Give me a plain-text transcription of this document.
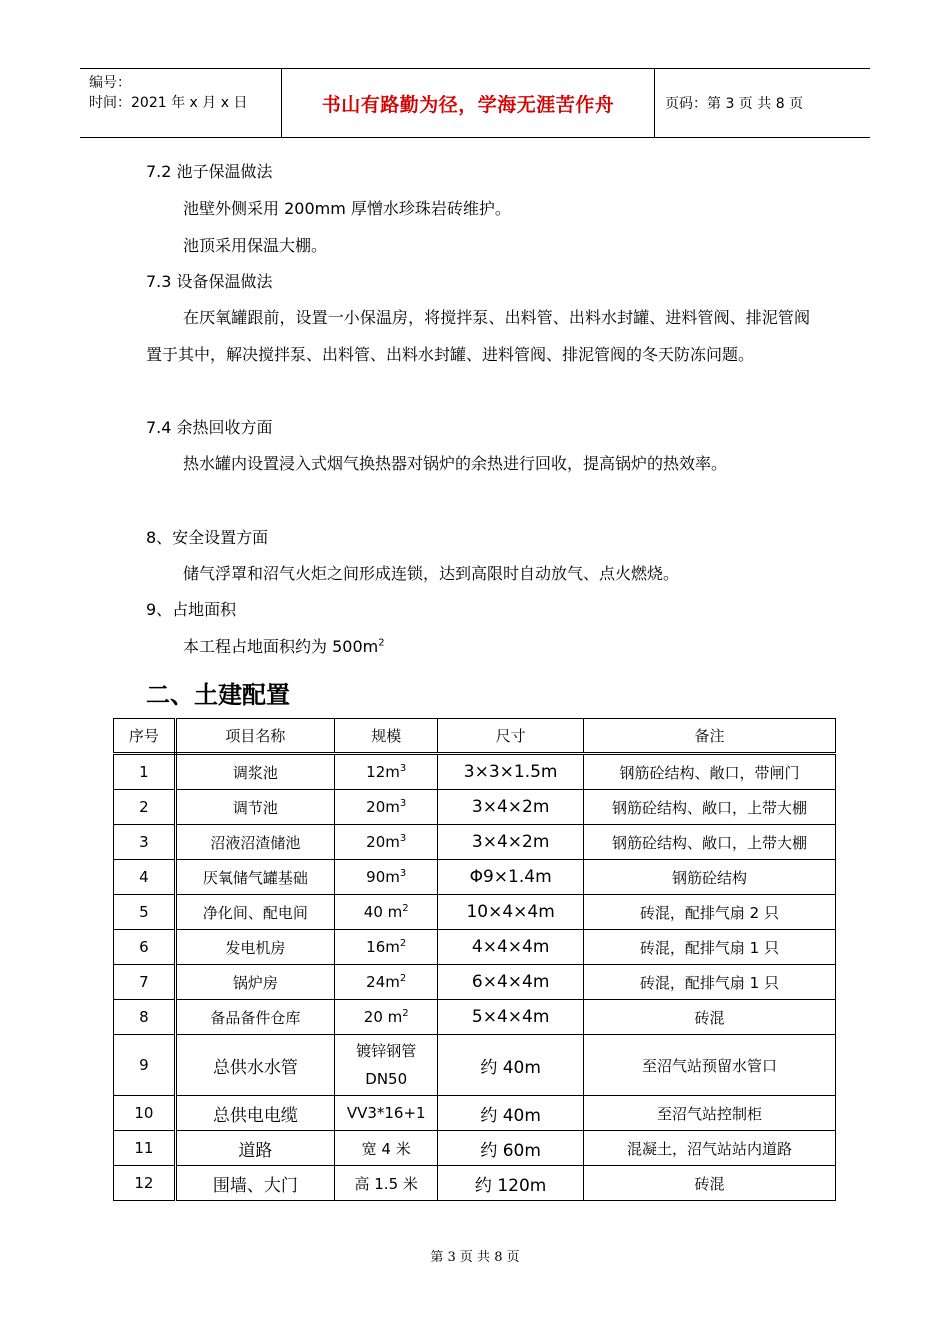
编号：
时间：2021 年 x 月 x 日	书山有路勤为径，学海无涯苦作舟	页码：第 3 页 共 8 页
7.2 池子保温做法
池壁外侧采用 200mm 厚憎水珍珠岩砖维护。
池顶采用保温大棚。
7.3 设备保温做法
在厌氧罐跟前，设置一小保温房，将搅拌泵、出料管、出料水封罐、进料管阀、排泥管阀置于其中，解决搅拌泵、出料管、出料水封罐、进料管阀、排泥管阀的冬天防冻问题。
7.4 余热回收方面
热水罐内设置浸入式烟气换热器对锅炉的余热进行回收，提高锅炉的热效率。
8、安全设置方面
储气浮罩和沼气火炬之间形成连锁，达到高限时自动放气、点火燃烧。
9、占地面积
本工程占地面积约为 $500m^2$
二、土建配置
序号	项目名称	规模	尺寸	备注
1	调浆池	$12m^3$	3×3×1.5m	钢筋砼结构、敞口，带闸门
2	调节池	$20m^3$	3×4×2m	钢筋砼结构、敞口，上带大棚
3	沼液沼渣储池	$20m^3$	3×4×2m	钢筋砼结构、敞口，上带大棚
4	厌氧储气罐基础	$90m^3$	Φ9×1.4m	钢筋砼结构
5	净化间、配电间	40 $m^2$	10×4×4m	砖混，配排气扇 2 只
6	发电机房	$16m^2$	4×4×4m	砖混，配排气扇 1 只
7	锅炉房	$24m^2$	6×4×4m	砖混，配排气扇 1 只
8	备品备件仓库	20 $m^2$	5×4×4m	砖混
9	总供水水管	镀锌钢管
DN50	约 40m	至沼气站预留水管口
10	总供电电缆	VV3*16+1	约 40m	至沼气站控制柜
11	道路	宽 4 米	约 60m	混凝土，沼气站站内道路
12	围墙、大门	高 1.5 米	约 120m	砖混
第 3 页 共 8 页
